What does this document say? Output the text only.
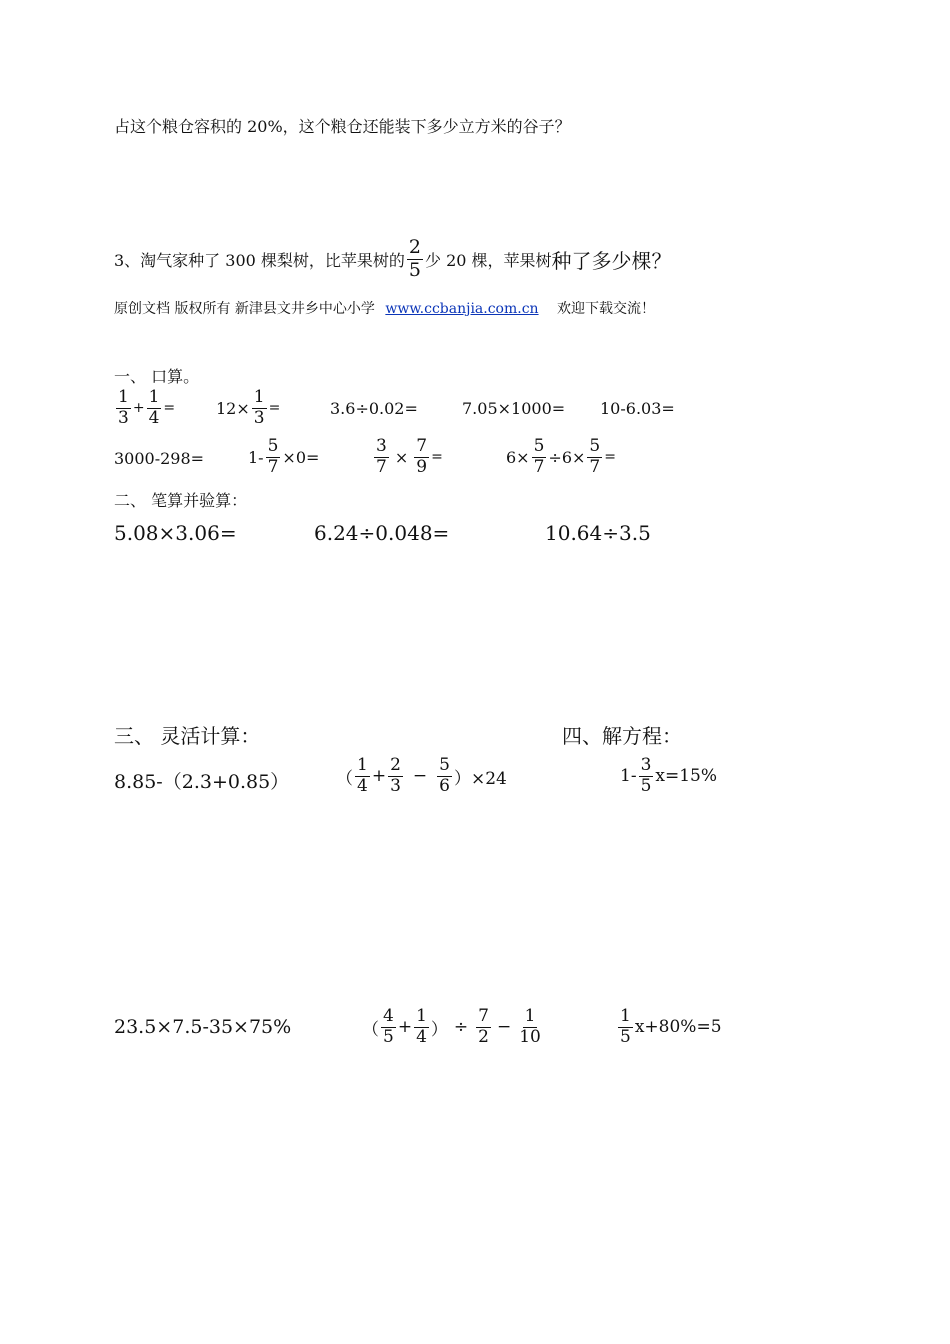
占这个粮仓容积的 20%，这个粮仓还能装下多少立方米的谷子？
3、淘气家种了 300 棵梨树，比苹果树的 $\frac{2}{5}$ 少 20 棵，苹果树 种了多少棵？
原创文档 版权所有 新津县文井乡中心小学 www.ccbanjia.com.cn 欢迎下载交流！
一、 口算。
$\frac{1}{3} + \frac{1}{4}$ =	$12\times \frac{1}{3}$ =	3.6÷0.02=	7.05×1000= 10-6.03=
3000-298=	$1- \frac{5}{7} \times 0=$	$\frac{3}{7} \times \frac{7}{9}$ =	$6\times \frac{5}{7} \div 6\times \frac{5}{7}$ =
二、 笔算并验算：
5.08×3.06=	6.24÷0.048=	10.64÷3.5
三、 灵活计算：	四、解方程：
8.85-（2.3+0.85）	（ $\frac{1}{4} + \frac{2}{3} - \frac{5}{6} )\times 24$	$1- \frac{3}{5} x=15\%$
23.5×7.5-35×75%	（ $\frac{4}{5} + \frac{1}{4}$ ） ÷ $\frac{7}{2} - \frac{1}{10}$	$\frac{1}{5} x+80\%=5$
